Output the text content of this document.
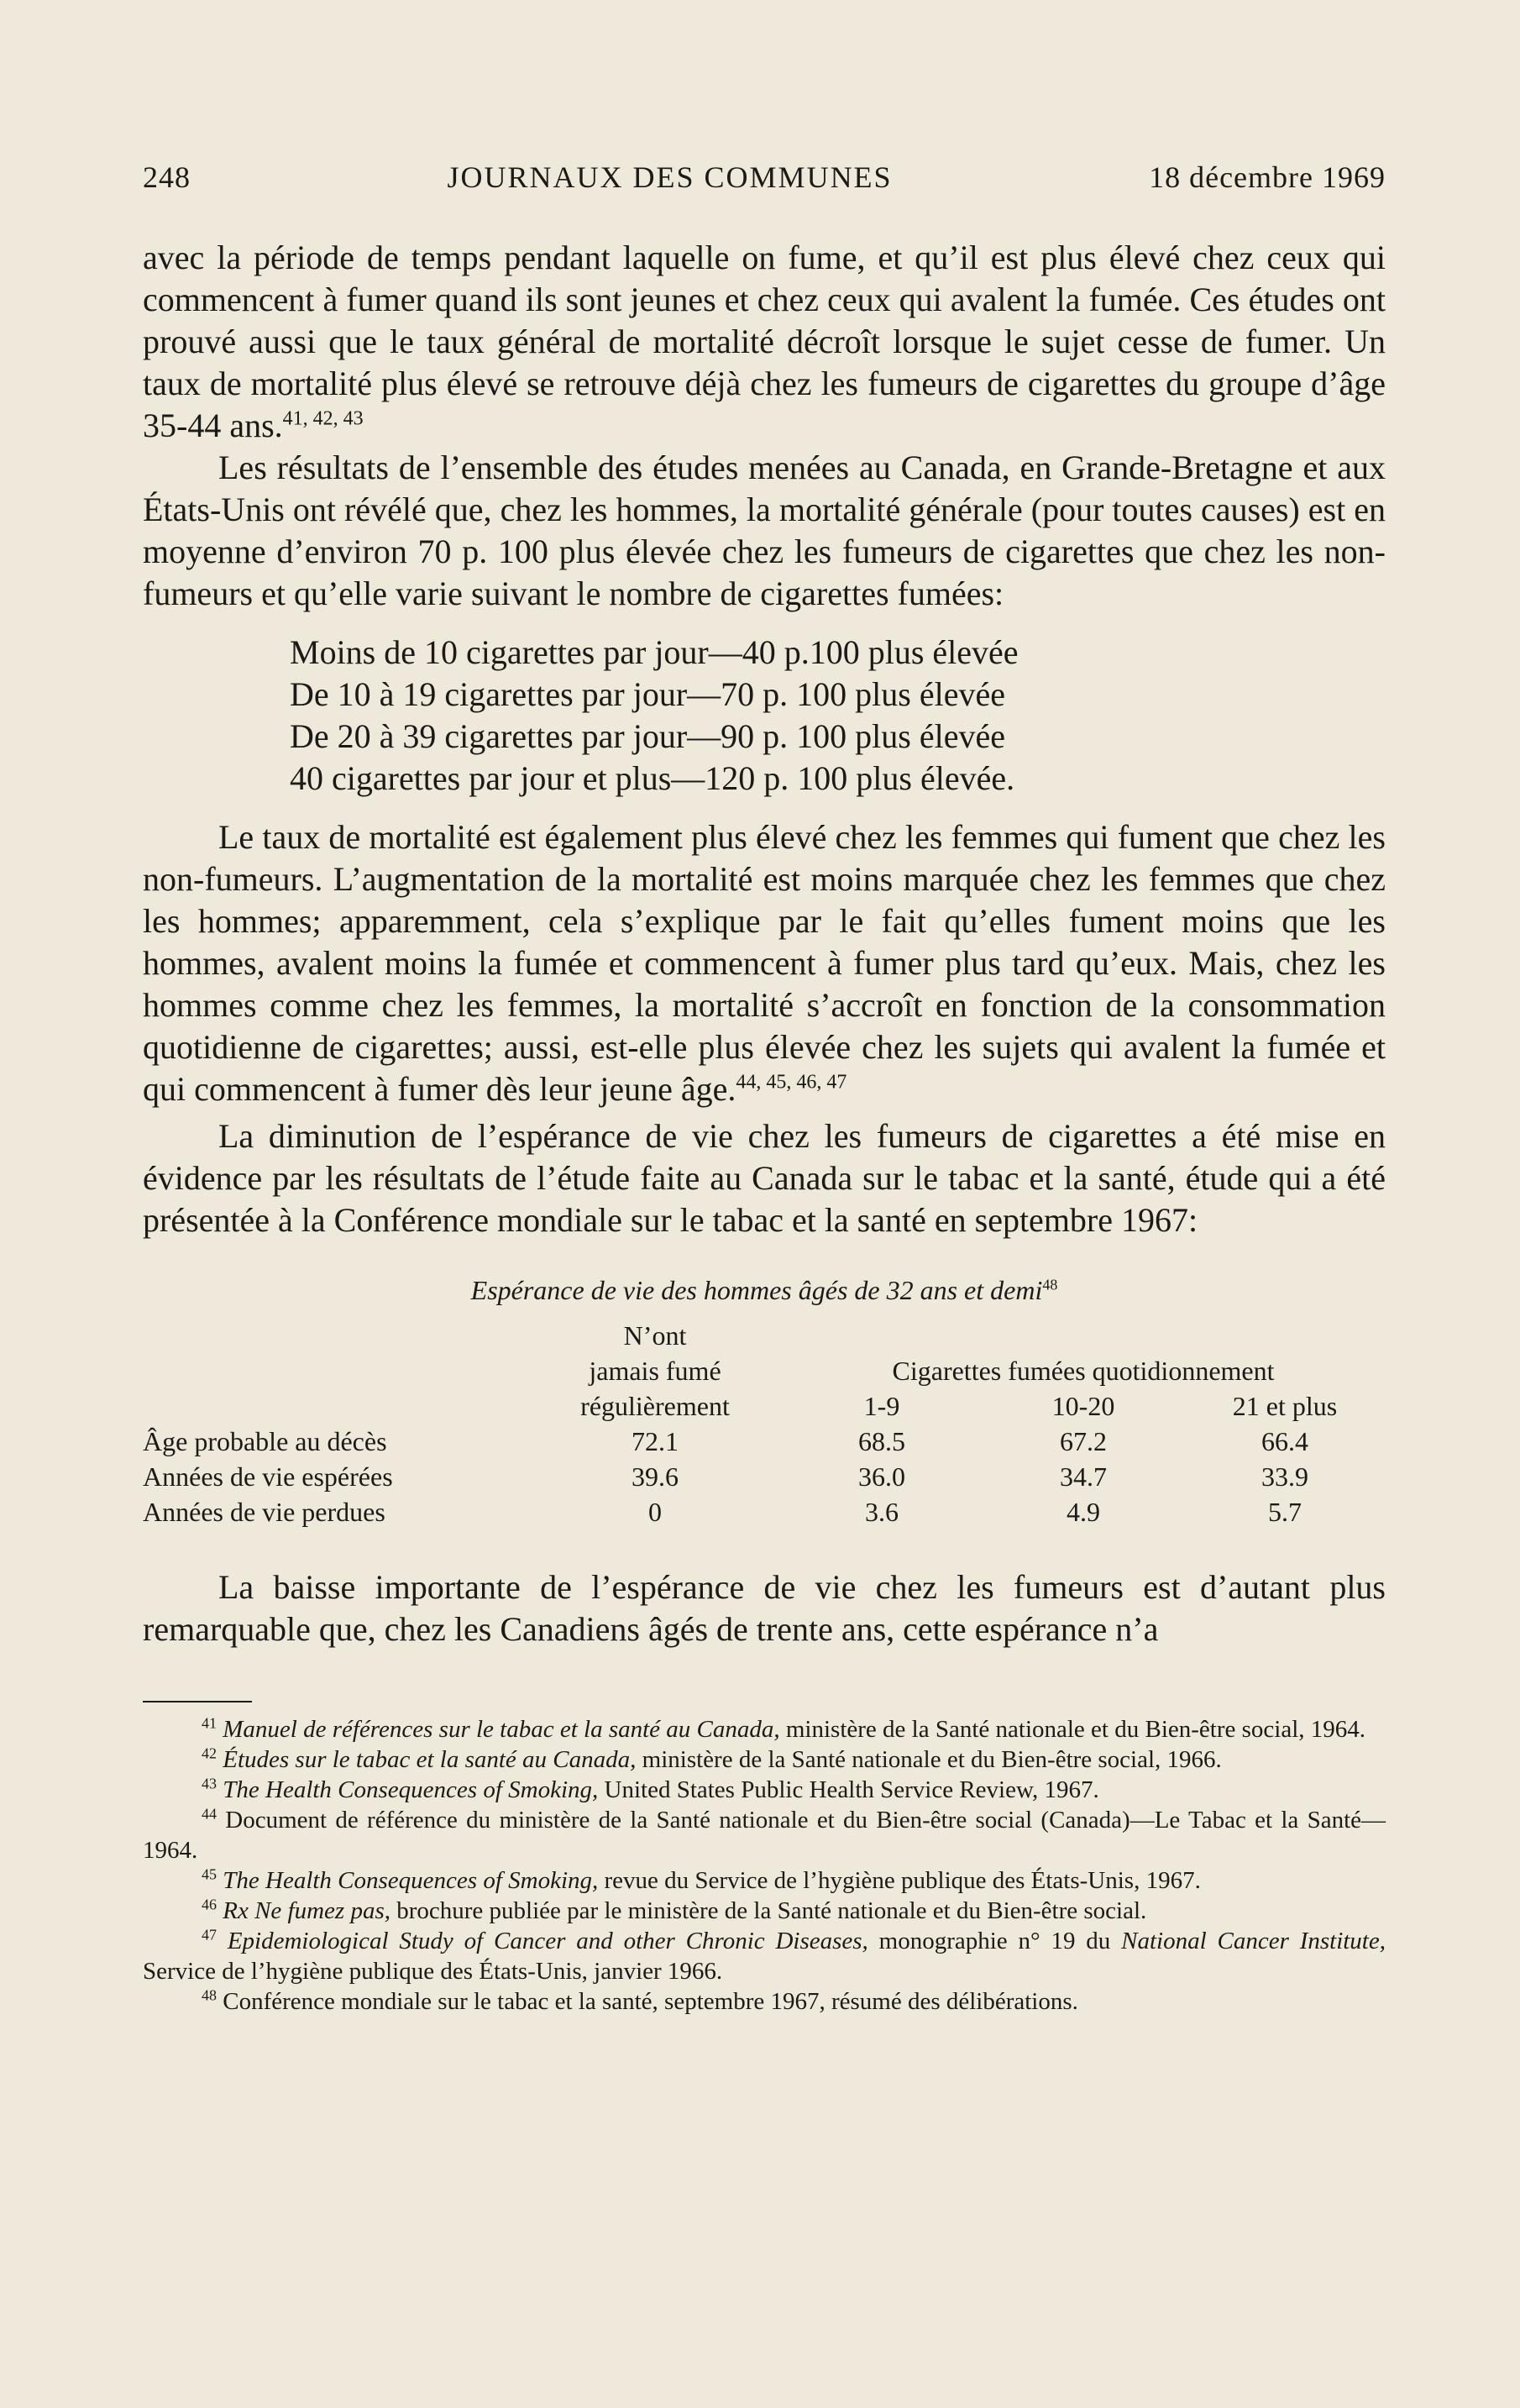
248	JOURNAUX DES COMMUNES	18 décembre 1969

avec la période de temps pendant laquelle on fume, et qu’il est plus élevé chez ceux qui commencent à fumer quand ils sont jeunes et chez ceux qui avalent la fumée. Ces études ont prouvé aussi que le taux général de mortalité décroît lorsque le sujet cesse de fumer. Un taux de mortalité plus élevé se retrouve déjà chez les fumeurs de cigarettes du groupe d’âge 35-44 ans.$^{41, 42, 43}$

Les résultats de l’ensemble des études menées au Canada, en Grande-Bretagne et aux États-Unis ont révélé que, chez les hommes, la mortalité générale (pour toutes causes) est en moyenne d’environ 70 p. 100 plus élevée chez les fumeurs de cigarettes que chez les non-fumeurs et qu’elle varie suivant le nombre de cigarettes fumées:

Moins de 10 cigarettes par jour—40 p.100 plus élevée
De 10 à 19 cigarettes par jour—70 p. 100 plus élevée
De 20 à 39 cigarettes par jour—90 p. 100 plus élevée
40 cigarettes par jour et plus—120 p. 100 plus élevée.

Le taux de mortalité est également plus élevé chez les femmes qui fument que chez les non-fumeurs. L’augmentation de la mortalité est moins marquée chez les femmes que chez les hommes; apparemment, cela s’explique par le fait qu’elles fument moins que les hommes, avalent moins la fumée et commencent à fumer plus tard qu’eux. Mais, chez les hommes comme chez les femmes, la mortalité s’accroît en fonction de la consommation quotidienne de cigarettes; aussi, est-elle plus élevée chez les sujets qui avalent la fumée et qui commencent à fumer dès leur jeune âge.$^{44, 45, 46, 47}$

La diminution de l’espérance de vie chez les fumeurs de cigarettes a été mise en évidence par les résultats de l’étude faite au Canada sur le tabac et la santé, étude qui a été présentée à la Conférence mondiale sur le tabac et la santé en septembre 1967:

Espérance de vie des hommes âgés de 32 ans et demi$^{48}$
	N’ont			
	jamais fumé	Cigarettes fumées quotidionnement		
	régulièrement	1-9	10-20	21 et plus
Âge probable au décès	72.1	68.5	67.2	66.4
Années de vie espérées	39.6	36.0	34.7	33.9
Années de vie perdues	0	3.6	4.9	5.7

La baisse importante de l’espérance de vie chez les fumeurs est d’autant plus remarquable que, chez les Canadiens âgés de trente ans, cette espérance n’a

$^{41}$ Manuel de références sur le tabac et la santé au Canada, ministère de la Santé nationale et du Bien-être social, 1964.

$^{42}$ Études sur le tabac et la santé au Canada, ministère de la Santé nationale et du Bien-être social, 1966.

$^{43}$ The Health Consequences of Smoking, United States Public Health Service Review, 1967.

$^{44}$ Document de référence du ministère de la Santé nationale et du Bien-être social (Canada)—Le Tabac et la Santé—1964.

$^{45}$ The Health Consequences of Smoking, revue du Service de l’hygiène publique des États-Unis, 1967.

$^{46}$ Rx Ne fumez pas, brochure publiée par le ministère de la Santé nationale et du Bien-être social.

$^{47}$ Epidemiological Study of Cancer and other Chronic Diseases, monographie n° 19 du National Cancer Institute, Service de l’hygiène publique des États-Unis, janvier 1966.

$^{48}$ Conférence mondiale sur le tabac et la santé, septembre 1967, résumé des délibérations.
